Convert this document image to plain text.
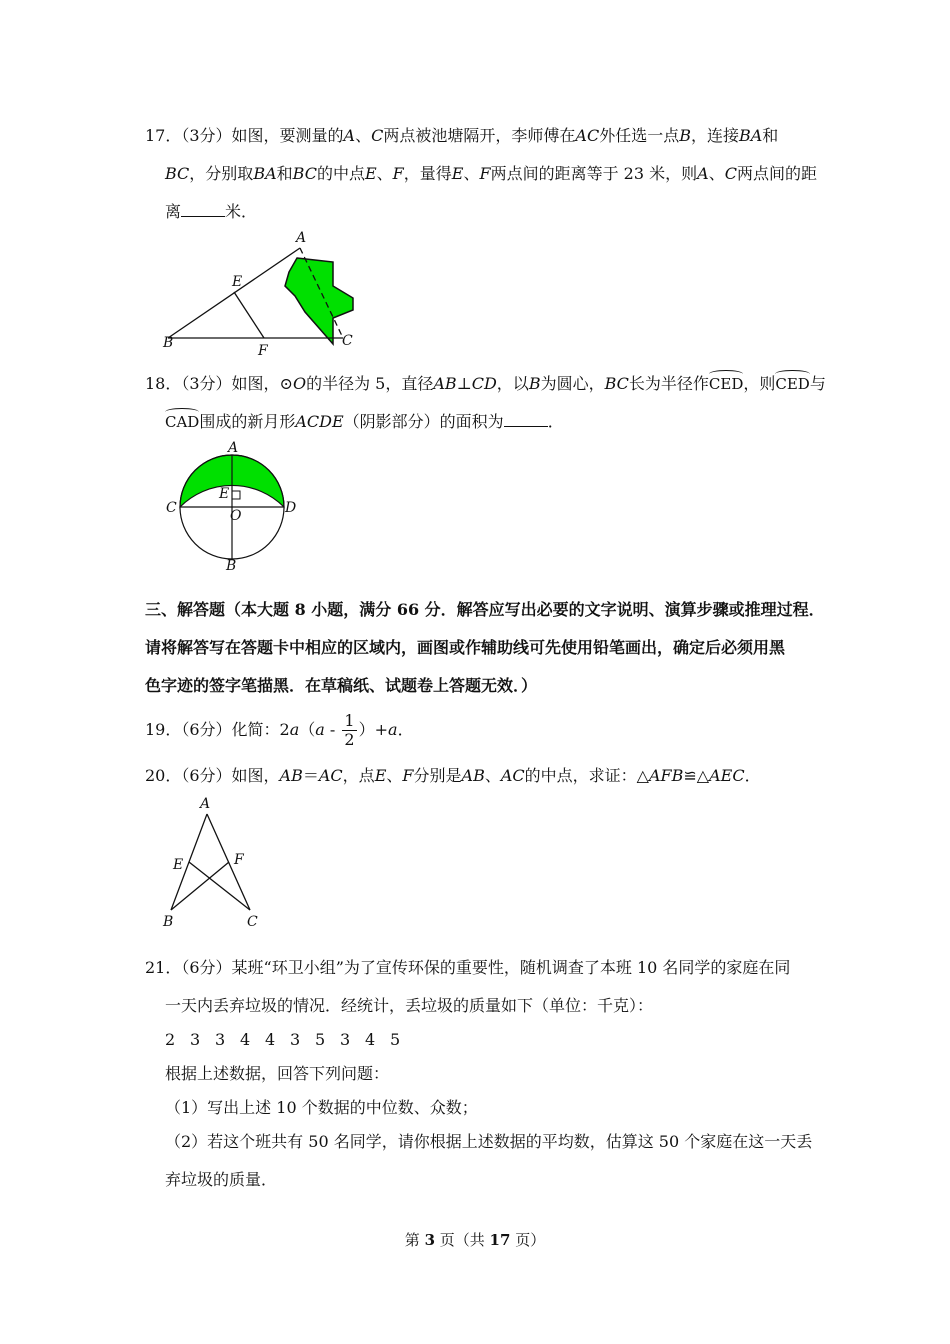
17．（3分）如图，要测量的A、C两点被池塘隔开，李师傅在AC外任选一点B，连接BA和
BC，分别取BA和BC的中点E、F，量得E、F两点间的距离等于 23 米，则A、C两点间的距
离	米．
A
E
B	F
C
18．（3分）如图，⊙O的半径为 5，直径AB⊥CD，以B为圆心，BC长为半径作CED，则CED与
CAD围成的新月形ACDE（阴影部分）的面积为	．
A
E
C	D
O
B
三、解答题（本大题 8 小题，满分 66 分．解答应写出必要的文字说明、演算步骤或推理过程．
请将解答写在答题卡中相应的区域内，画图或作辅助线可先使用铅笔画出，确定后必须用黑
色字迹的签字笔描黑．在草稿纸、试题卷上答题无效．）
19．（6分）化简：$2a(a - \frac{1}{2} )+a$．
20．（6分）如图，AB＝AC，点E、F分别是AB、AC的中点，求证：△AFB≌△AEC．
A
E	F
B	C
21．（6分）某班“环卫小组”为了宣传环保的重要性，随机调查了本班 10 名同学的家庭在同
一天内丢弃垃圾的情况．经统计，丢垃圾的质量如下（单位：千克）：
2 3 3 4 4 3 5 3 4 5
根据上述数据，回答下列问题：
（1）写出上述 10 个数据的中位数、众数；
（2）若这个班共有 50 名同学，请你根据上述数据的平均数，估算这 50 个家庭在这一天丢
弃垃圾的质量．
第 3 页（共 17 页）
